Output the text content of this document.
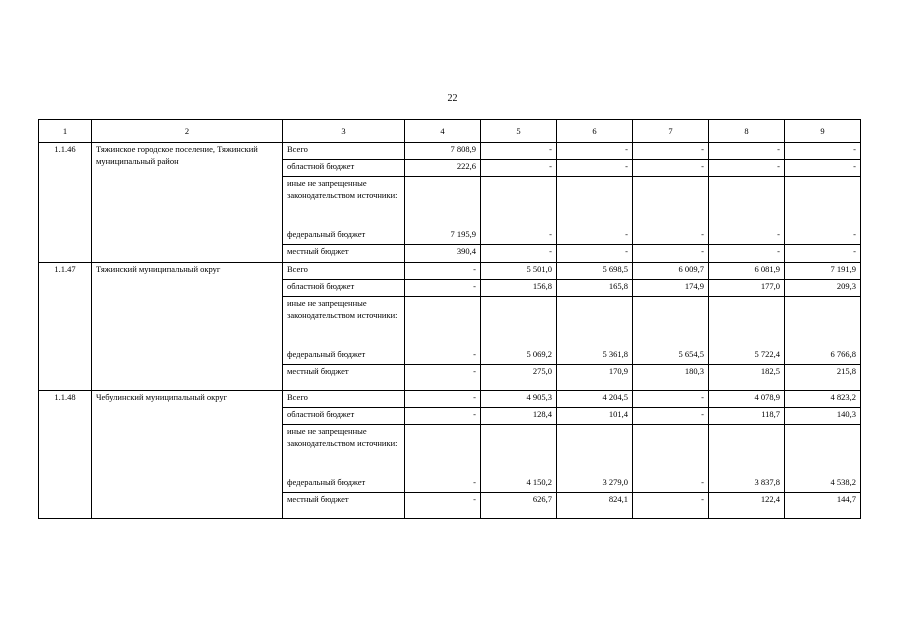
22
1	2	3	4	5	6	7	8	9
1.1.46	Тяжинское городское поселение, Тяжинский муниципальный район	Всего	7 808,9	-	-	-	-	-
		областной бюджет	222,6	-	-	-	-	-
		иные не запрещенные законодательством источники:						
		федеральный бюджет	7 195,9	-	-	-	-	-
		местный бюджет	390,4	-	-	-	-	-
1.1.47	Тяжинский муниципальный округ	Всего	-	5 501,0	5 698,5	6 009,7	6 081,9	7 191,9
		областной бюджет	-	156,8	165,8	174,9	177,0	209,3
		иные не запрещенные законодательством источники:						
		федеральный бюджет	-	5 069,2	5 361,8	5 654,5	5 722,4	6 766,8
		местный бюджет	-	275,0	170,9	180,3	182,5	215,8
1.1.48	Чебулинский муниципальный округ	Всего	-	4 905,3	4 204,5	-	4 078,9	4 823,2
		областной бюджет	-	128,4	101,4	-	118,7	140,3
		иные не запрещенные законодательством источники:						
		федеральный бюджет	-	4 150,2	3 279,0	-	3 837,8	4 538,2
		местный бюджет	-	626,7	824,1	-	122,4	144,7
